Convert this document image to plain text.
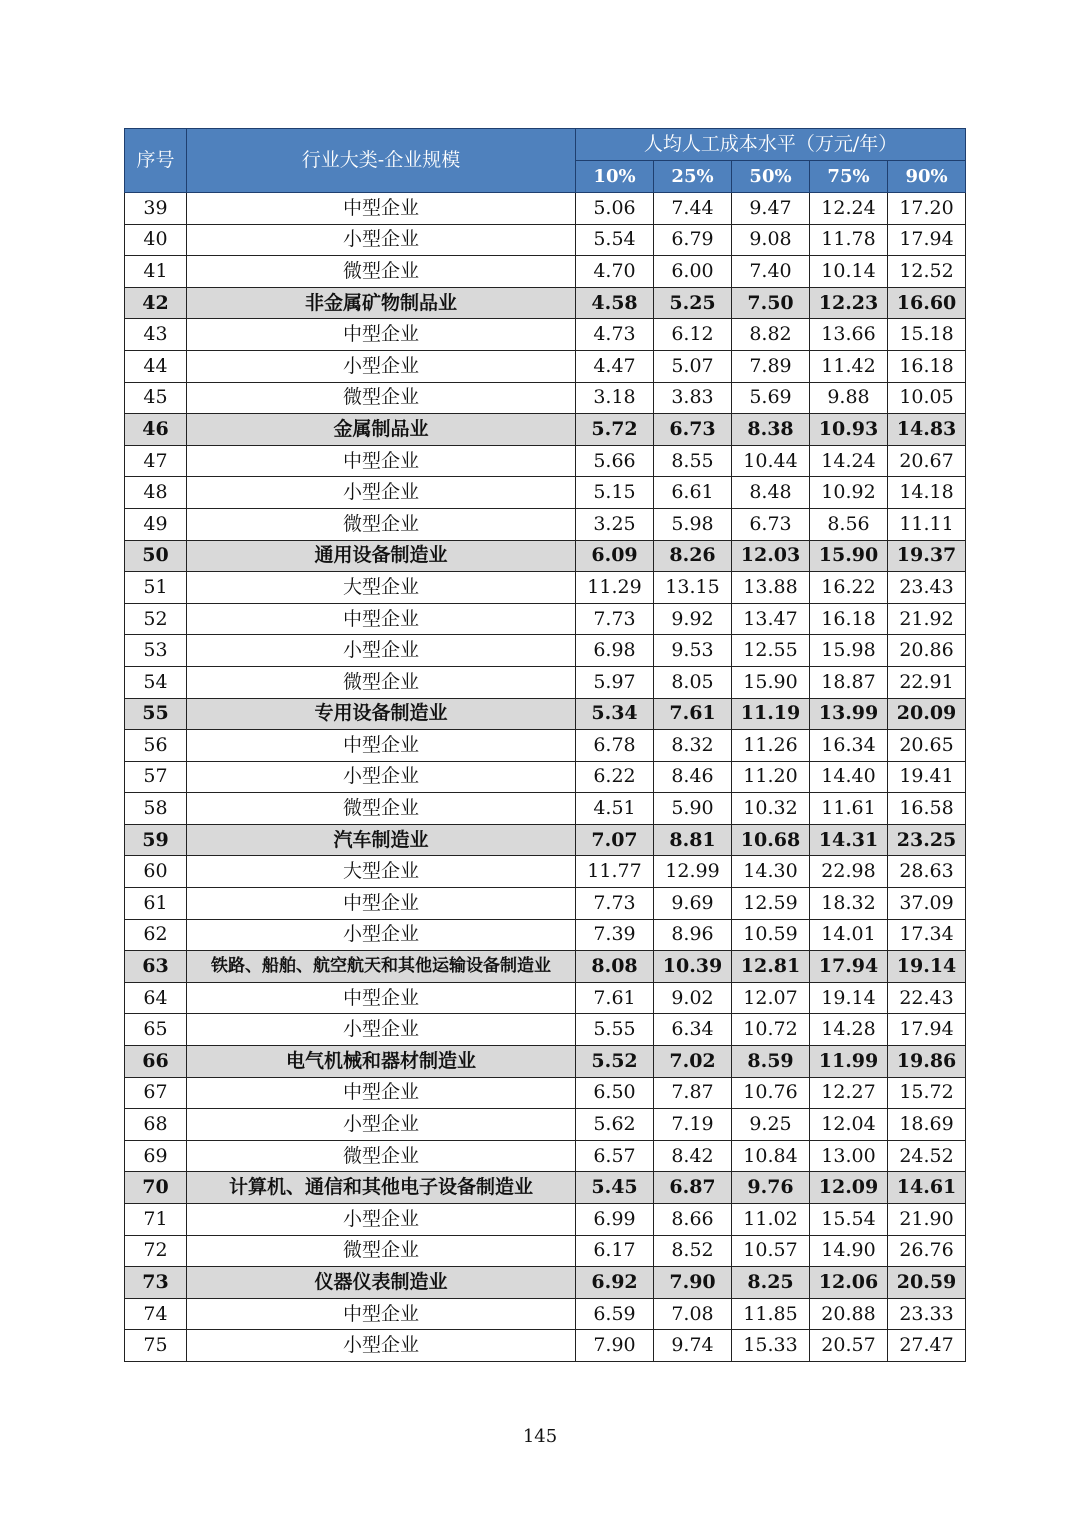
序号	行业大类-企业规模	人均人工成本水平（万元/年）				
		10%	25%	50%	75%	90%
39	中型企业	5.06	7.44	9.47	12.24	17.20
40	小型企业	5.54	6.79	9.08	11.78	17.94
41	微型企业	4.70	6.00	7.40	10.14	12.52
42	非金属矿物制品业	4.58	5.25	7.50	12.23	16.60
43	中型企业	4.73	6.12	8.82	13.66	15.18
44	小型企业	4.47	5.07	7.89	11.42	16.18
45	微型企业	3.18	3.83	5.69	9.88	10.05
46	金属制品业	5.72	6.73	8.38	10.93	14.83
47	中型企业	5.66	8.55	10.44	14.24	20.67
48	小型企业	5.15	6.61	8.48	10.92	14.18
49	微型企业	3.25	5.98	6.73	8.56	11.11
50	通用设备制造业	6.09	8.26	12.03	15.90	19.37
51	大型企业	11.29	13.15	13.88	16.22	23.43
52	中型企业	7.73	9.92	13.47	16.18	21.92
53	小型企业	6.98	9.53	12.55	15.98	20.86
54	微型企业	5.97	8.05	15.90	18.87	22.91
55	专用设备制造业	5.34	7.61	11.19	13.99	20.09
56	中型企业	6.78	8.32	11.26	16.34	20.65
57	小型企业	6.22	8.46	11.20	14.40	19.41
58	微型企业	4.51	5.90	10.32	11.61	16.58
59	汽车制造业	7.07	8.81	10.68	14.31	23.25
60	大型企业	11.77	12.99	14.30	22.98	28.63
61	中型企业	7.73	9.69	12.59	18.32	37.09
62	小型企业	7.39	8.96	10.59	14.01	17.34
63	铁路、船舶、航空航天和其他运输设备制造业	8.08	10.39	12.81	17.94	19.14
64	中型企业	7.61	9.02	12.07	19.14	22.43
65	小型企业	5.55	6.34	10.72	14.28	17.94
66	电气机械和器材制造业	5.52	7.02	8.59	11.99	19.86
67	中型企业	6.50	7.87	10.76	12.27	15.72
68	小型企业	5.62	7.19	9.25	12.04	18.69
69	微型企业	6.57	8.42	10.84	13.00	24.52
70	计算机、通信和其他电子设备制造业	5.45	6.87	9.76	12.09	14.61
71	小型企业	6.99	8.66	11.02	15.54	21.90
72	微型企业	6.17	8.52	10.57	14.90	26.76
73	仪器仪表制造业	6.92	7.90	8.25	12.06	20.59
74	中型企业	6.59	7.08	11.85	20.88	23.33
75	小型企业	7.90	9.74	15.33	20.57	27.47
145
